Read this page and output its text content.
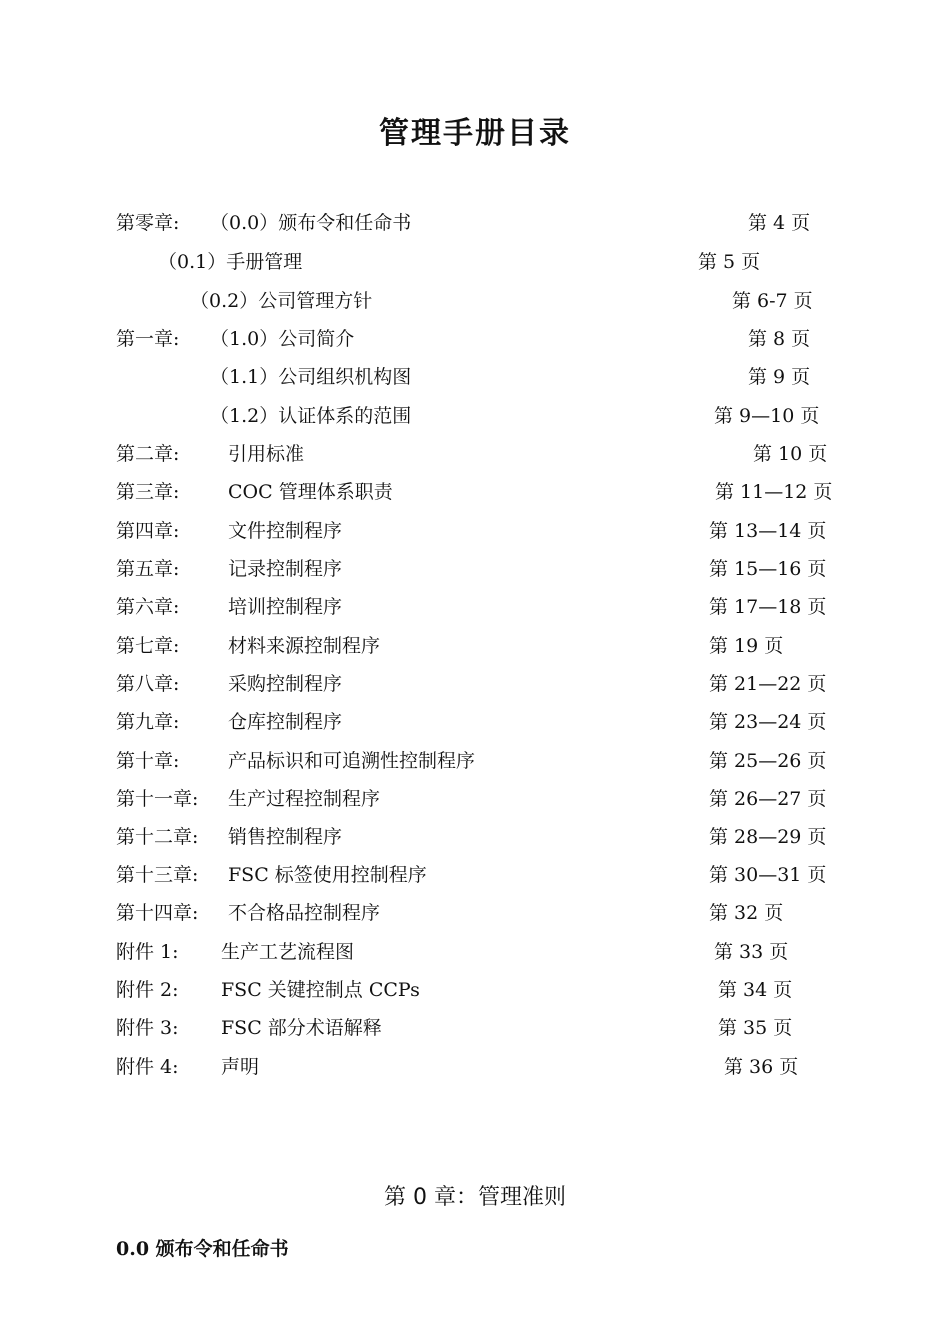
管理手册目录
第零章: （0.0）颁布令和任命书	第 4 页
（0.1）手册管理	第 5 页
（0.2）公司管理方针	第 6-7 页
第一章: （1.0）公司简介	第 8 页
（1.1）公司组织机构图	第 9 页
（1.2）认证体系的范围	第 9—10 页
第二章:	引用标准	第 10 页
第三章:	COC 管理体系职责	第 11—12 页
第四章:	文件控制程序	第 13—14 页
第五章:	记录控制程序	第 15—16 页
第六章:	培训控制程序	第 17—18 页
第七章:	材料来源控制程序	第 19 页
第八章:	采购控制程序	第 21—22 页
第九章:	仓库控制程序	第 23—24 页
第十章:	产品标识和可追溯性控制程序	第 25—26 页
第十一章: 生产过程控制程序	第 26—27 页
第十二章: 销售控制程序	第 28—29 页
第十三章: FSC 标签使用控制程序	第 30—31 页
第十四章: 不合格品控制程序	第 32 页
附件 1: 生产工艺流程图	第 33 页
附件 2: FSC 关键控制点 CCPs	第 34 页
附件 3: FSC 部分术语解释	第 35 页
附件 4: 声明	第 36 页
第 0 章：管理准则
0.0 颁布令和任命书
